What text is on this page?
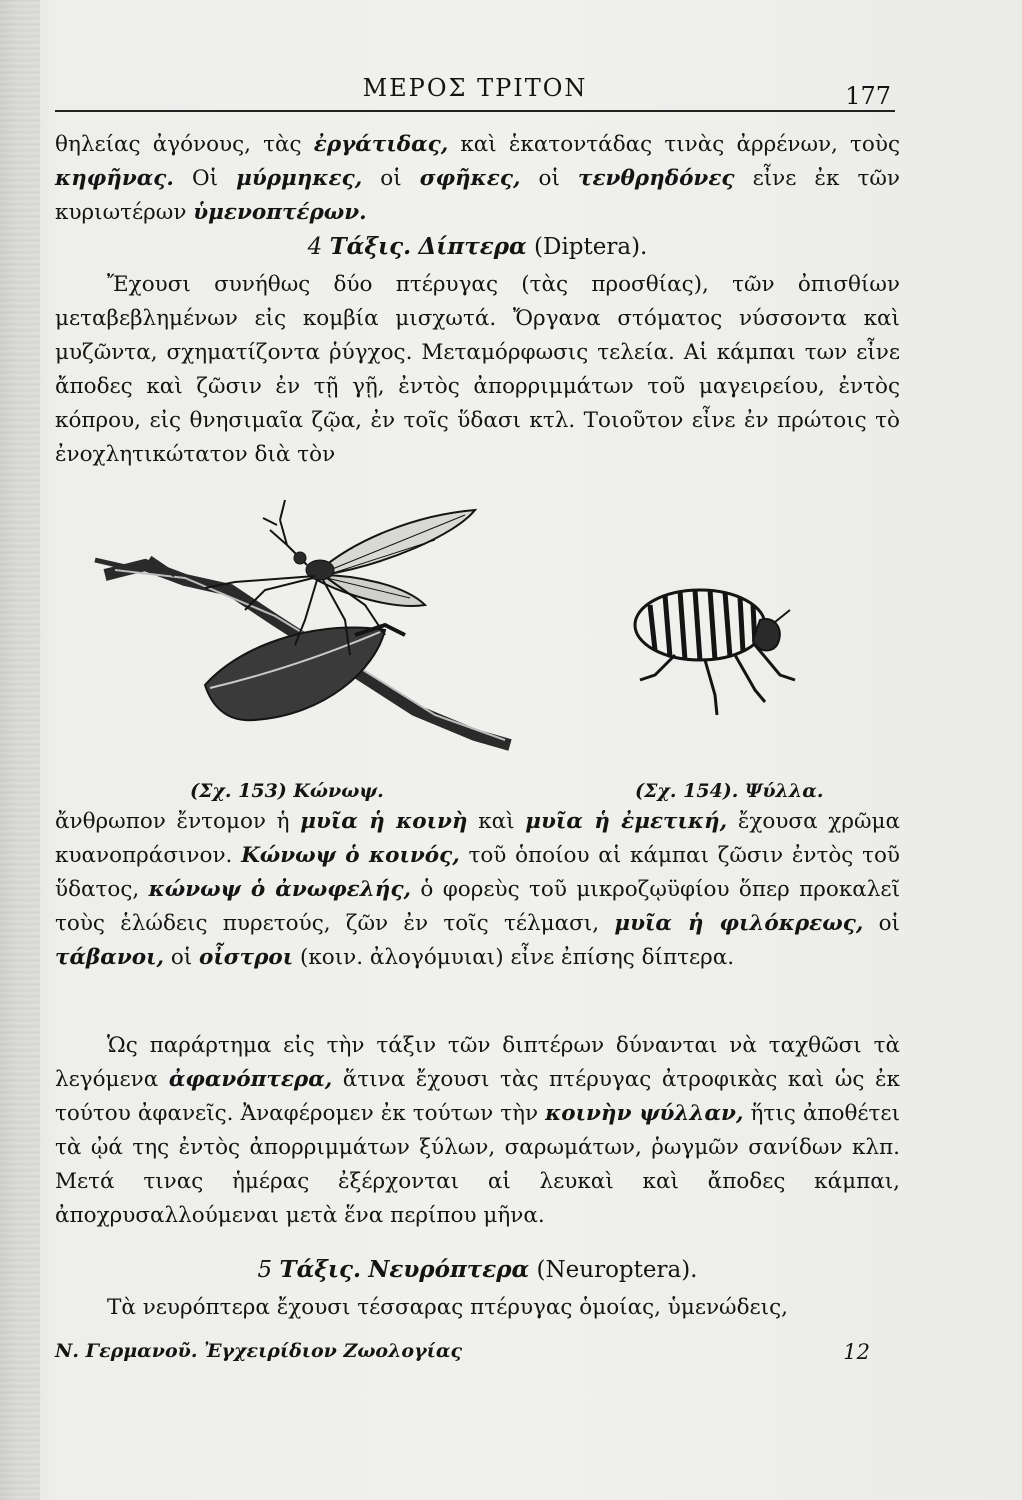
ΜΕΡΟΣ ΤΡΙΤΟΝ	177

θηλείας ἀγόνους, τὰς ἐργάτιδας, καὶ ἑκατοντάδας τινὰς ἀρρένων, τοὺς κηφῆνας. Οἱ μύρμηκες, οἱ σφῆκες, οἱ τενθρηδόνες εἶνε ἐκ τῶν κυριωτέρων ὑμενοπτέρων.

4 Τάξις. Δίπτερα (Diptera).

Ἔχουσι συνήθως δύο πτέρυγας (τὰς προσθίας), τῶν ὀπισθίων μεταβεβλημένων εἰς κομβία μισχωτά. Ὄργανα στόματος νύσσοντα καὶ μυζῶντα, σχηματίζοντα ῥύγχος. Μεταμόρφωσις τελεία. Αἱ κάμπαι των εἶνε ἄποδες καὶ ζῶσιν ἐν τῇ γῇ, ἐντὸς ἀπορριμμάτων τοῦ μαγειρείου, ἐντὸς κόπρου, εἰς θνησιμαῖα ζῷα, ἐν τοῖς ὕδασι κτλ. Τοιοῦτον εἶνε ἐν πρώτοις τὸ ἐνοχλητικώτατον διὰ τὸν

(Σχ. 153) Κώνωψ.	(Σχ. 154). Ψύλλα.

ἄνθρωπον ἔντομον ἡ μυῖα ἡ κοινὴ καὶ μυῖα ἡ ἐμετική, ἔχουσα χρῶμα κυανοπράσινον. Κώνωψ ὁ κοινός, τοῦ ὁποίου αἱ κάμπαι ζῶσιν ἐντὸς τοῦ ὕδατος, κώνωψ ὁ ἀνωφελής, ὁ φορεὺς τοῦ μικροζῳϋφίου ὅπερ προκαλεῖ τοὺς ἑλώδεις πυρετούς, ζῶν ἐν τοῖς τέλμασι, μυῖα ἡ φιλόκρεως, οἱ τάβανοι, οἱ οἶστροι (κοιν. ἀλογόμυιαι) εἶνε ἐπίσης δίπτερα.

Ὡς παράρτημα εἰς τὴν τάξιν τῶν διπτέρων δύνανται νὰ ταχθῶσι τὰ λεγόμενα ἀφανόπτερα, ἅτινα ἔχουσι τὰς πτέρυγας ἀτροφικὰς καὶ ὡς ἐκ τούτου ἀφανεῖς. Ἀναφέρομεν ἐκ τούτων τὴν κοινὴν ψύλλαν, ἥτις ἀποθέτει τὰ ᾠά της ἐντὸς ἀπορριμμάτων ξύλων, σαρωμάτων, ῥωγμῶν σανίδων κλπ. Μετά τινας ἡμέρας ἐξέρχονται αἱ λευκαὶ καὶ ἄποδες κάμπαι, ἀποχρυσαλλούμεναι μετὰ ἕνα περίπου μῆνα.

5 Τάξις. Νευρόπτερα (Neuroptera).

Τὰ νευρόπτερα ἔχουσι τέσσαρας πτέρυγας ὁμοίας, ὑμενώδεις,

Ν. Γερμανοῦ. Ἐγχειρίδιον Ζωολογίας	12
